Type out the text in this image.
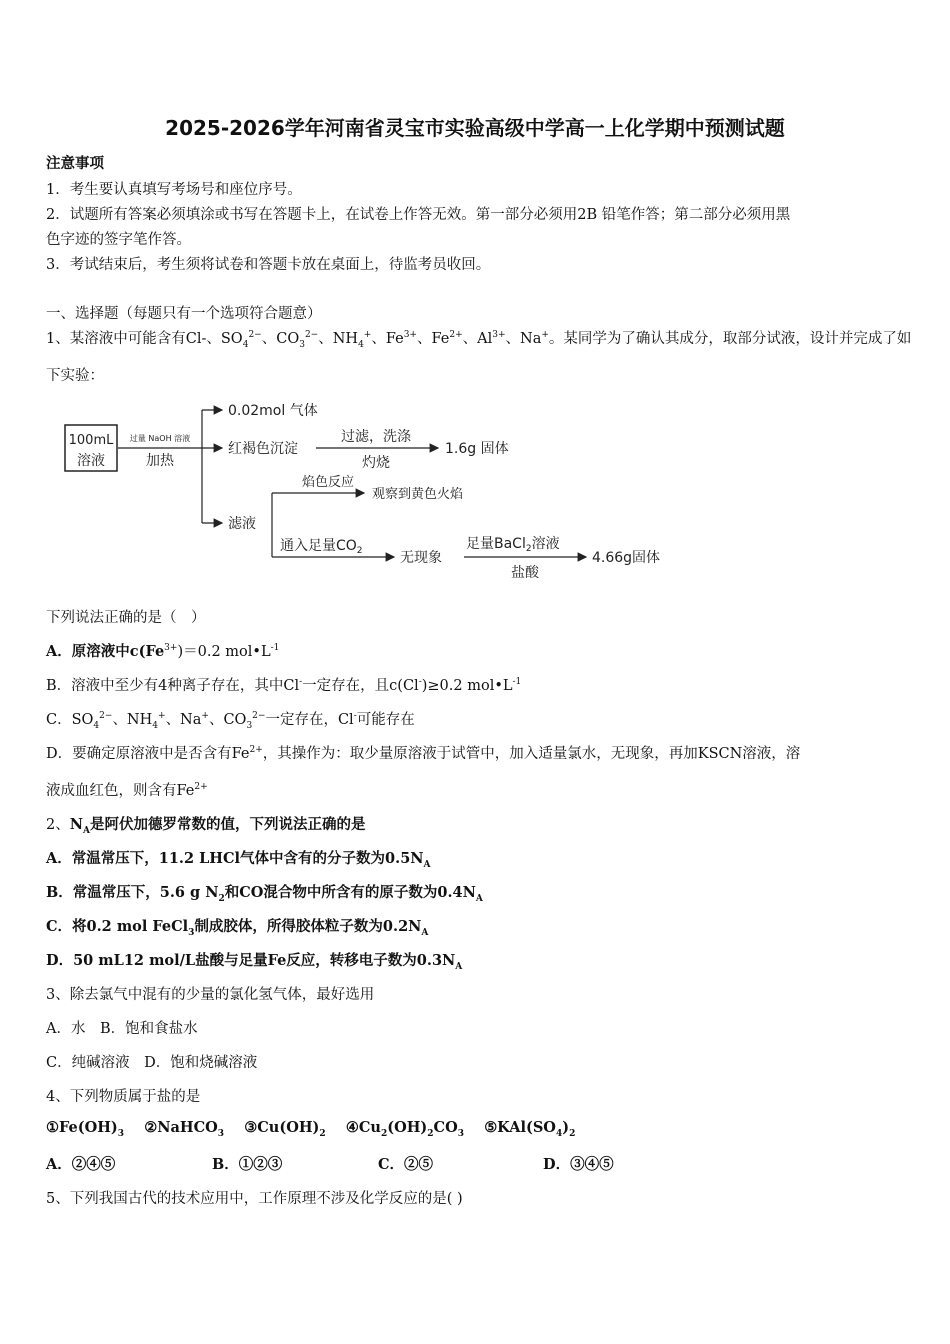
2025-2026学年河南省灵宝市实验高级中学高一上化学期中预测试题
注意事项
1．考生要认真填写考场号和座位序号。
2．试题所有答案必须填涂或书写在答题卡上，在试卷上作答无效。第一部分必须用2B 铅笔作答；第二部分必须用黑
色字迹的签字笔作答。
3．考试结束后，考生须将试卷和答题卡放在桌面上，待监考员收回。
一、选择题（每题只有一个选项符合题意）
1、某溶液中可能含有Cl-、$SO_4^{2-}$、$CO_3^{2-}$、$NH_4^+$、$Fe^{3+}$、$Fe^{2+}$、$Al^{3+}$、Na+。某同学为了确认其成分，取部分试液，设计并完成了如
下实验：
100mL
溶液
过量 NaOH 溶液
加热
0.02mol 气体
红褐色沉淀
过滤，洗涤
灼烧
1.6g 固体
滤液
焰色反应
观察到黄色火焰
通入足量$CO_2$	无现象
足量BaCl$_2$溶液
盐酸
4.66g固体
下列说法正确的是（　）
A．原溶液中$c(Fe^{3+})=0.2$ $mol•L^{-1}$
B．溶液中至少有4种离子存在，其中Cl-一定存在，且c(Cl-)≥0.2 $mol•L^{-1}$
C．$SO_4^{2-}$、$NH_4^+$、Na+、$CO_3^{2-}$一定存在，Cl-可能存在
D．要确定原溶液中是否含有$Fe^{2+}$，其操作为：取少量原溶液于试管中，加入适量氯水，无现象，再加KSCN溶液，溶
液成血红色，则含有$Fe^{2+}$
2、$N_A$是阿伏加德罗常数的值，下列说法正确的是
A．常温常压下，11.2 LHCl气体中含有的分子数为$0.5N_A$
B．常温常压下，5.6 g $N_2$和CO混合物中所含有的原子数为$0.4N_A$
C．将0.2 mol FeCl$_3$制成胶体，所得胶体粒子数为$0.2N_A$
D．50 mL12 mol/L盐酸与足量Fe反应，转移电子数为$0.3N_A$
3、除去氯气中混有的少量的氯化氢气体，最好选用
A．水　B．饱和食盐水
C．纯碱溶液　D．饱和烧碱溶液
4、下列物质属于盐的是
$①Fe(OH)_3$ ②NaHCO$_3$ $③Cu(OH)_2$ $④Cu_2(OH)_2CO_3$ $⑤KAl(SO_4)_2$
A．②④⑤	B．①②③	C．②⑤	D．③④⑤
5、下列我国古代的技术应用中，工作原理不涉及化学反应的是( )
